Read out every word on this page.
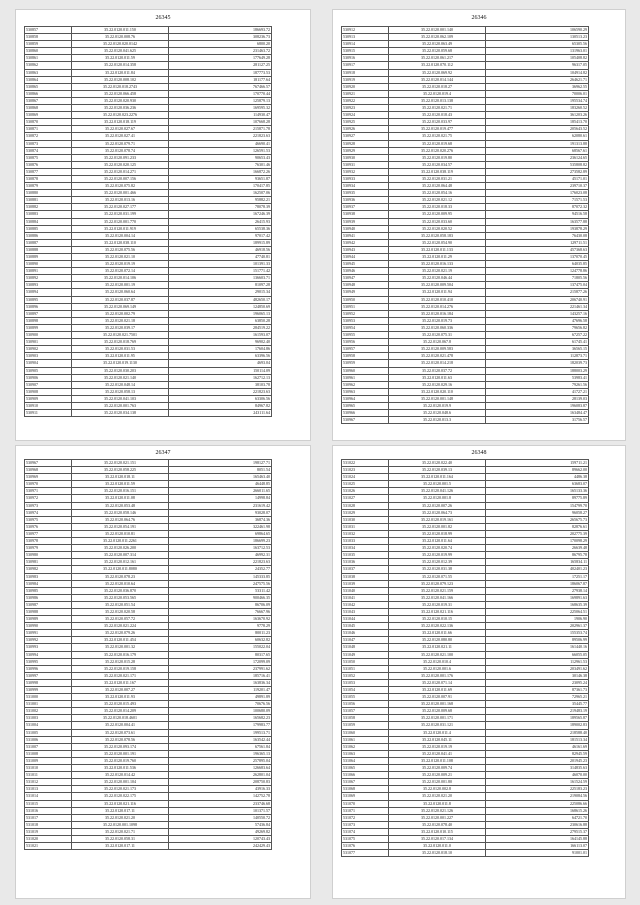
26345
530857	35.22.0120.011.150	186693.72
530858	35.22.0120.008.76	308236.73
530859	35.22.0120.020.0142	6800.20
530860	35.22.0120.041.625	231463.72
530861	35.22.0120.011.59	177649.28
530862	35.22.0120.014.358	281127.25
530863	35.22.0120.011.84	187773.53
530864	35.22.0120.008.102	181177.64
530865	35.22.0120.018.2743	767466.57
530866	35.22.0120.066.458	170770.44
530867	35.22.0120.020.930	125879.13
530868	35.22.0120.036.236	169595.32
530869	35.22.0120.023.2276	114930.47
530870	35.22.0120.018.119	107668.28
530871	35.22.0120.027.67	215871.78
530872	35.22.0120.027.41	221823.63
530873	35.22.0120.079.71	46690.41
530874	35.22.0120.078.74	126591.53
530875	35.22.0120.091.233	90653.43
530876	35.22.0120.020.125	76301.46
530877	35.22.0120.014.271	166872.26
530878	35.22.0120.007.156	93651.87
530879	35.22.0120.075.82	170417.85
530880	35.22.0120.001.466	162507.06
530881	35.22.0120.013.16	95882.21
530882	35.22.0120.027.177	78078.39
530883	35.22.0120.031.199	167246.39
530884	35.22.0120.001.770	26415.93
530885	35.22.0120.011.919	65538.36
530886	35.22.0120.004.14	97017.42
530887	35.22.0120.038.110	189915.89
530888	35.22.0120.075.56	46918.56
530889	35.22.0120.021.10	47740.81
530890	35.22.0120.019.19	101391.33
530891	35.22.0120.072.14	151771.42
530892	35.22.0120.014.106	136603.71
530893	35.22.0120.001.19	81097.28
530894	35.22.0120.060.64	29015.34
530895	35.22.0120.037.87	482650.17
530896	35.22.0120.069.149	124850.69
530897	35.22.0120.002.79	196065.13
530898	35.22.0120.021.18	63850.28
530899	35.22.0120.039.17	284519.22
530900	35.22.0120.021.7501	161593.07
530901	35.22.0120.018.769	96902.40
530902	35.22.0120.031.53	17604.86
530903	35.22.0120.011.95	63396.56
530904	35.22.0120.019.1130	4693.04
530905	35.22.0120.030.203	150114.09
530906	35.22.0120.021.140	162712.13
530907	35.22.0120.048.14	38103.78
530908	35.22.0120.058.13	221823.63
530909	35.22.0120.041.103	63306.56
530910	35.22.0120.001.763	84967.82
530911	35.22.0120.034.138	243111.64
26346
530912	35.22.0120.001.140	106590.29
530913	35.22.0120.062.109	130513.23
530914	35.22.0120.063.49	65305.56
530915	35.22.0120.059.68	131963.01
530916	35.22.0120.061.217	105408.82
530917	35.22.0120.070.112	96317.05
530918	35.22.0120.069.92	104914.82
530919	35.22.0120.014.144	264621.71
530920	35.22.0120.018.27	36962.55
530921	35.22.0120.019.4	70006.01
530922	35.22.0120.013.138	195534.74
530923	35.22.0120.021.71	183260.52
530924	35.22.0120.018.43	361203.26
530925	35.22.0120.033.97	185413.70
530926	35.22.0120.019.477	205643.52
530927	35.22.0120.021.75	62080.61
530928	35.22.0120.019.68	191313.88
530929	35.22.0120.020.276	68567.61
530930	35.22.0120.019.80	236124.65
530931	35.22.0120.034.57	535808.82
530932	35.22.0120.038.119	273582.89
530933	35.22.0120.031.21	45171.01
530934	35.22.0120.064.48	239710.37
530935	35.22.0120.054.16	176023.08
530936	35.22.0120.021.12	71571.53
530937	35.22.0120.018.33	87072.32
530938	35.22.0120.009.95	94516.58
530939	35.22.0120.033.60	163577.88
530940	35.22.0120.020.52	193878.29
530941	35.22.0120.058.183	76430.08
530942	35.22.0120.054.90	129711.51
530943	35.22.0120.011.133	457368.63
530944	35.22.0120.011.29	137070.45
530945	35.22.0120.016.133	64035.85
530946	35.22.0120.021.19	124778.86
530947	35.22.0120.046.44	71805.56
530948	35.22.0120.009.504	137475.04
530949	35.22.0120.011.94	215877.26
530950	35.22.0120.010.410	206740.91
530951	35.22.0120.014.276	221461.34
530952	35.22.0120.016.184	143257.16
530953	35.22.0120.019.73	47696.58
530954	35.22.0120.060.336	79656.82
530955	35.22.0120.075.31	67257.22
530956	35.22.0120.067.8	61745.41
530957	35.22.0120.009.583	36565.15
530958	35.22.0120.021.478	112873.71
530959	35.22.0120.014.218	182039.73
530960	35.22.0120.037.72	188003.29
530961	35.22.0120.011.63	53983.41
530962	35.22.0120.029.16	79261.56
530963	35.22.0120.020.110	41727.21
530964	35.22.0120.001.148	28139.03
530965	35.22.0120.019.9	196083.87
530966	35.22.0120.048.6	163484.47
530967	35.22.0120.013.3	31756.57
26347
530967	35.22.0120.021.151	198127.71
530968	35.22.0120.058.225	8051.54
530969	35.22.0120.018.11	165463.40
530970	35.22.0120.011.59	46448.85
530971	35.22.0120.016.151	266011.65
530972	35.22.0120.011.08	14998.84
530973	35.22.0120.053.48	231619.42
530974	35.22.0120.058.146	93028.07
530975	35.22.0120.064.76	36874.36
530976	35.22.0120.054.191	322461.98
530977	35.22.0120.010.81	69864.65
530978	35.22.0120.011.2261	186699.23
530979	35.22.0120.026.200	163712.53
530980	35.22.0120.007.314	46992.31
530981	35.22.0120.012.161	221823.63
530982	35.22.0120.011.8080	24352.77
530983	35.22.0120.078.23	145333.85
530984	35.22.0120.010.64	247575.56
530985	35.22.0120.036.870	53311.42
530986	35.22.0120.053.565	900466.35
530987	35.22.0120.051.54	86706.09
530988	35.22.0120.020.58	76667.96
530989	35.22.0120.057.72	163670.92
530990	35.22.0120.021.224	9778.29
530991	35.22.0120.079.26	80011.23
530992	35.22.0120.011.454	60632.82
530993	35.22.0120.001.32	155022.04
530994	35.22.0120.016.179	80317.65
530995	35.22.0120.015.28	172099.09
530996	35.22.0120.019.158	237991.62
530997	35.22.0120.021.171	185716.41
530998	35.22.0120.011.167	163836.34
530999	35.22.0120.007.27	119201.47
531000	35.22.0120.011.93	49891.89
531001	35.22.0120.015.493	70676.56
531002	35.22.0120.014.209	100680.09
531003	35.22.0120.018.4601	165682.23
531004	35.22.0120.004.41	179983.77
531005	35.22.0120.073.61	199513.71
531006	35.22.0120.078.56	163542.44
531007	35.22.0120.093.174	67561.84
531008	35.22.0120.001.191	196365.13
531009	35.22.0120.019.760	257895.04
531010	35.22.0120.011.536	126683.64
531011	35.22.0120.014.42	262801.04
531012	35.22.0120.001.104	208750.83
531013	35.22.0120.021.173	43916.33
531014	35.22.0120.022.175	142752.78
531015	35.22.0120.021.116	233746.68
531016	35.22.0120.017.11	101371.57
531017	35.22.0120.021.20	140550.72
531018	35.22.0120.001.1098	57436.84
531019	35.22.0120.021.71	49269.82
531020	35.22.0120.058.31	120743.43
531021	35.22.0120.017.11	242429.43
26348
531022	35.22.0120.022.40	159711.21
531023	35.22.0120.039.13	89662.00
531024	35.22.0120.011.164	4486.38
531025	35.22.0120.001.5	63683.07
531026	35.22.0120.041.126	165133.36
531027	35.22.0120.001.8	89775.89
531028	35.22.0120.007.26	154799.70
531029	35.22.0120.064.73	96058.27
531030	35.22.0120.019.161	265675.73
531031	35.22.0120.001.82	82876.61
531032	35.22.0120.018.99	202775.39
531033	35.22.0120.011.64	170098.29
531034	35.22.0120.020.74	26639.48
531035	35.22.0120.019.99	86795.78
531036	35.22.0120.012.39	165834.11
531037	35.22.0120.031.38	402401.23
531038	35.22.0120.071.55	17251.17
531039	35.22.0120.079.123	186067.87
531040	35.22.0120.021.159	27938.14
531041	35.22.0120.041.166	169891.63
531042	35.22.0120.019.31	168635.39
531043	35.22.0120.021.116	225064.51
531044	35.22.0120.010.15	1906.90
531045	35.22.0120.022.136	202961.37
531046	35.22.0120.011.66	155353.74
531047	35.22.0120.080.80	89506.99
531048	35.22.0120.021.11	161440.16
531049	35.22.0120.021.100	66055.05
531050	35.22.0120.010.4	112961.53
531051	35.22.0120.001.6	203491.62
531052	35.22.0120.001.176	30146.38
531053	35.22.0120.071.14	23095.24
531054	35.22.0120.011.69	87361.73
531055	35.22.0120.007.91	72965.21
531056	35.22.0120.001.168	35445.77
531057	35.22.0120.009.68	219483.19
531058	35.22.0120.001.171	189565.87
531059	35.22.0120.031.121	189002.83
531060	35.22.0120.011.4	218588.40
531061	35.22.0120.045.11	181513.34
531062	35.22.0120.019.19	46161.69
531063	35.22.0120.041.41	82945.59
531064	35.22.0120.011.108	201945.23
531065	35.22.0120.009.74	314835.63
531066	35.22.0120.009.21	46070.00
531067	35.22.0120.001.80	161524.59
531068	35.22.0120.002.8	225183.23
531069	35.22.0120.021.20	219084.56
531070	35.22.0120.011.8	225086.66
531071	35.22.0120.021.126	168615.26
531072	35.22.0120.001.227	64721.70
531073	35.22.0120.078.40	230616.88
531074	35.22.0120.010.115	279515.37
531075	35.22.0120.017.134	164145.88
531076	35.22.0120.011.0	166113.07
531077	35.22.0120.018.10	91001.01
